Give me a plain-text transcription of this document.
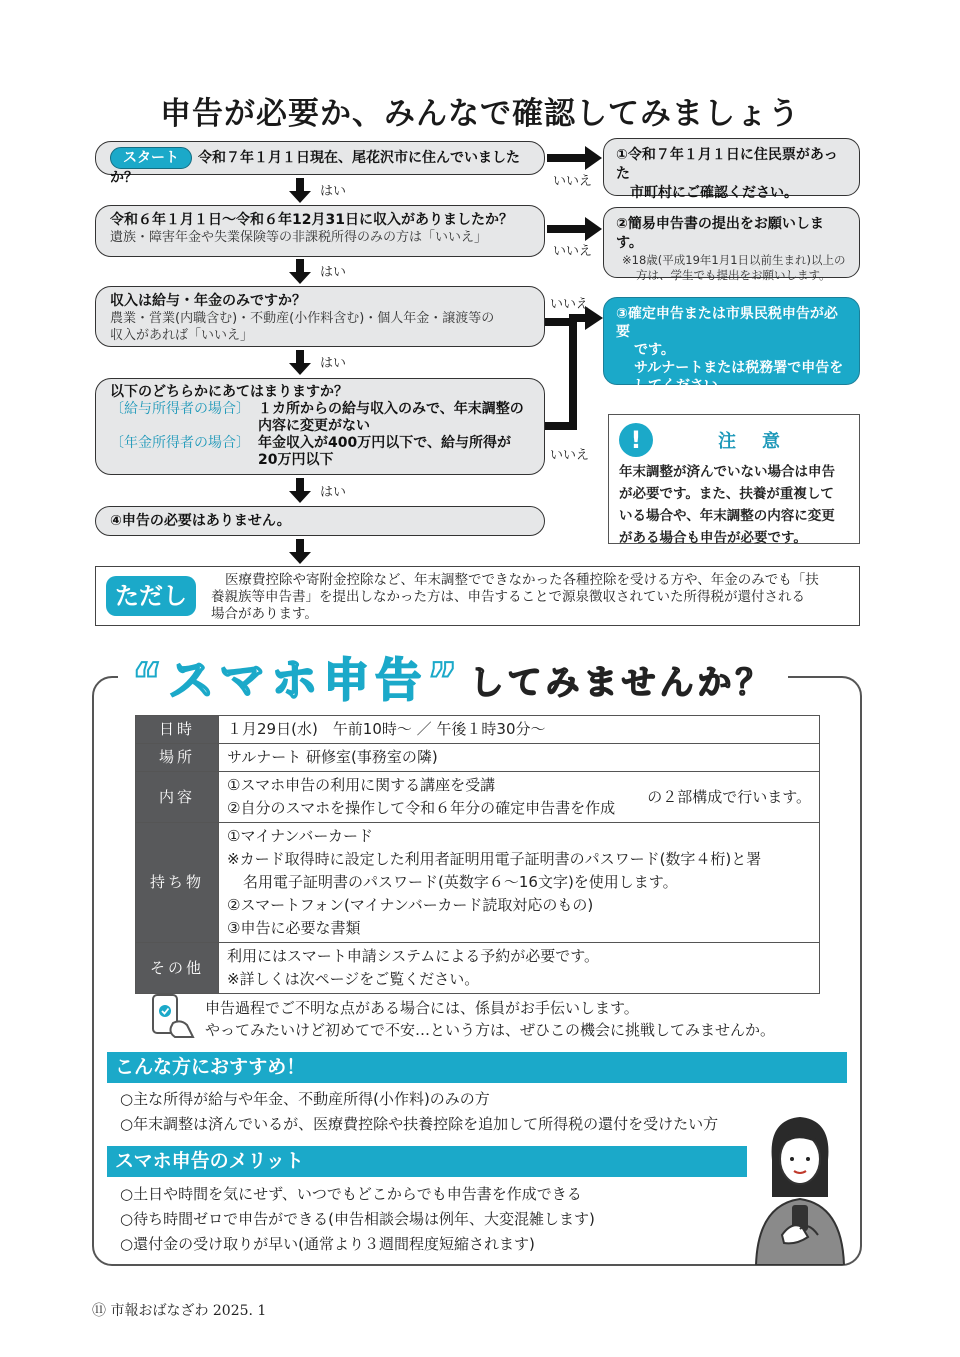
申告が必要か、みんなで確認してみましょう
スタート 令和７年１月１日現在、尾花沢市に住んでいましたか？
令和６年１月１日～令和６年12月31日に収入がありましたか？
遺族・障害年金や失業保険等の非課税所得のみの方は「いいえ」
収入は給与・年金のみですか？
農業・営業(内職含む)・不動産(小作料含む)・個人年金・譲渡等の
収入があれば「いいえ」
以下のどちらかにあてはまりますか？
〔給与所得者の場合〕 １カ所からの給与収入のみで、年末調整の
内容に変更がない
〔年金所得者の場合〕 年金収入が400万円以下で、給与所得が
20万円以下
④申告の必要はありません。
はい
はい
はい
はい
いいえ
いいえ
いいえ
いいえ
①令和７年１月１日に住民票があった
市町村にご確認ください。
②簡易申告書の提出をお願いします。
※18歳(平成19年1月1日以前生まれ)以上の
方は、学生でも提出をお願いします。
③確定申告または市県民税申告が必要
です。
サルナートまたは税務署で申告を
してください。
!	注　意
年末調整が済んでいない場合は申告
が必要です。また、扶養が重複して
いる場合や、年末調整の内容に変更
がある場合も申告が必要です。
ただし
医療費控除や寄附金控除など、年末調整でできなかった各種控除を受ける方や、年金のみでも「扶
養親族等申告書」を提出しなかった方は、申告することで源泉徴収されていた所得税が還付される
場合があります。
“スマホ申告” してみませんか？
日時	１月29日(水)　午前10時～ ／ 午後１時30分～
場所	サルナート 研修室(事務室の隣)
内容	①スマホ申告の利用に関する講座を受講
②自分のスマホを操作して令和６年分の確定申告書を作成
の２部構成で行います。

持ち物	①マイナンバーカード
※カード取得時に設定した利用者証明用電子証明書のパスワード(数字４桁)と署
名用電子証明書のパスワード(英数字６～16文字)を使用します。
②スマートフォン(マイナンバーカード読取対応のもの)
③申告に必要な書類

その他	利用にはスマート申請システムによる予約が必要です。
※詳しくは次ページをご覧ください。
申告過程でご不明な点がある場合には、係員がお手伝いします。
やってみたいけど初めてで不安…という方は、ぜひこの機会に挑戦してみませんか。
こんな方におすすめ！
○主な所得が給与や年金、不動産所得(小作料)のみの方
○年末調整は済んでいるが、医療費控除や扶養控除を追加して所得税の還付を受けたい方
スマホ申告のメリット
○土日や時間を気にせず、いつでもどこからでも申告書を作成できる
○待ち時間ゼロで申告ができる(申告相談会場は例年、大変混雑します)
○還付金の受け取りが早い(通常より３週間程度短縮されます)
⑪ 市報おばなざわ 2025. 1
